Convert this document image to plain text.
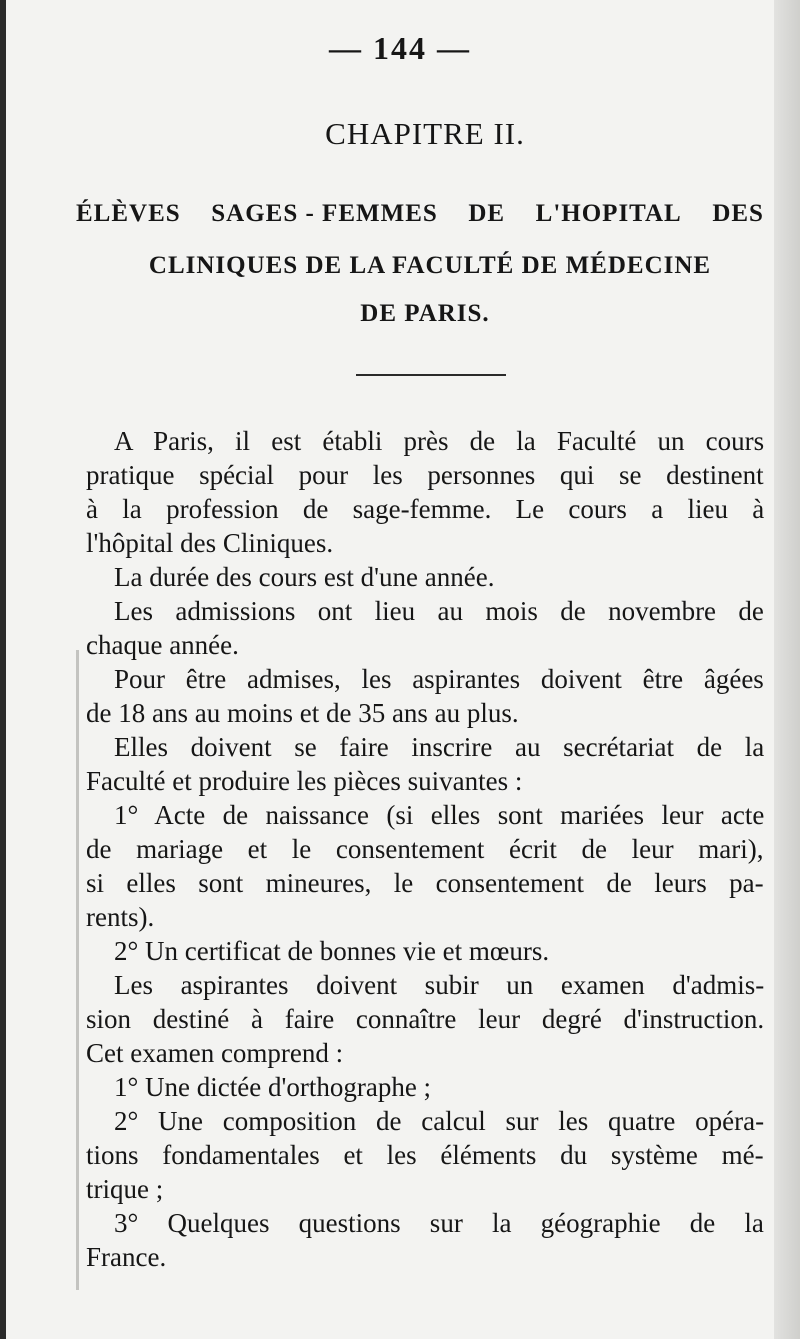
— 144 —
CHAPITRE II.
ÉLÈVES SAGES - FEMMES DE L'HOPITAL DES
CLINIQUES DE LA FACULTÉ DE MÉDECINE
DE PARIS.
A Paris, il est établi près de la Faculté un cours
pratique spécial pour les personnes qui se destinent
à la profession de sage-femme. Le cours a lieu à
l'hôpital des Cliniques.
La durée des cours est d'une année.
Les admissions ont lieu au mois de novembre de
chaque année.
Pour être admises, les aspirantes doivent être âgées
de 18 ans au moins et de 35 ans au plus.
Elles doivent se faire inscrire au secrétariat de la
Faculté et produire les pièces suivantes :
1° Acte de naissance (si elles sont mariées leur acte
de mariage et le consentement écrit de leur mari),
si elles sont mineures, le consentement de leurs pa-
rents).
2° Un certificat de bonnes vie et mœurs.
Les aspirantes doivent subir un examen d'admis-
sion destiné à faire connaître leur degré d'instruction.
Cet examen comprend :
1° Une dictée d'orthographe ;
2° Une composition de calcul sur les quatre opéra-
tions fondamentales et les éléments du système mé-
trique ;
3° Quelques questions sur la géographie de la
France.
